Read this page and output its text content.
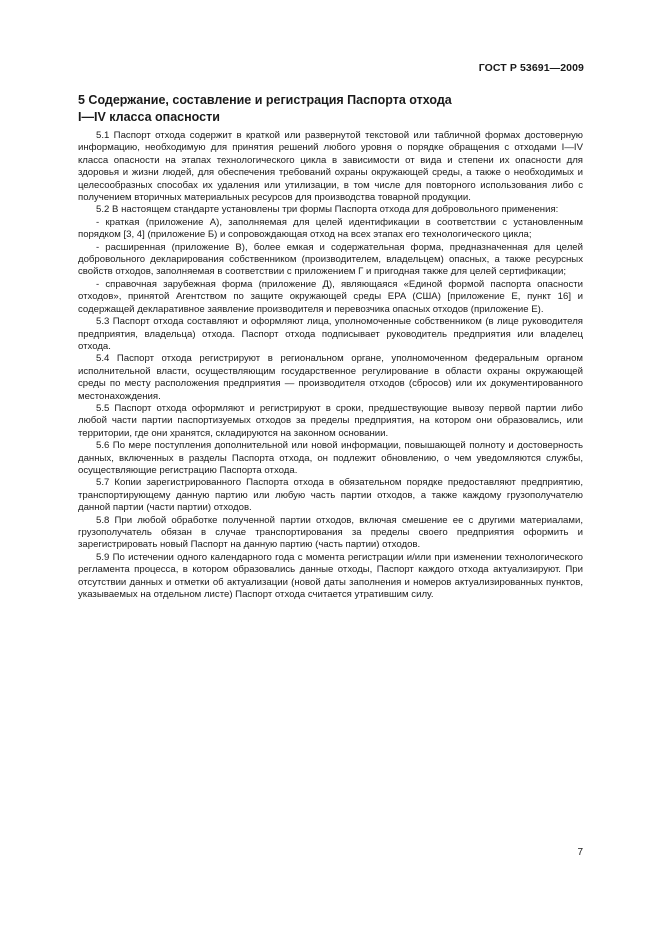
ГОСТ Р 53691—2009
5 Содержание, составление и регистрация Паспорта отхода
I—IV класса опасности

5.1 Паспорт отхода содержит в краткой или развернутой текстовой или табличной формах достоверную информацию, необходимую для принятия решений любого уровня о порядке обращения с отходами I—IV класса опасности на этапах технологического цикла в зависимости от вида и степени их опасности для здоровья и жизни людей, для обеспечения требований охраны окружающей среды, а также о необходимых и целесообразных способах их удаления или утилизации, в том числе для повторного использования либо с получением вторичных материальных ресурсов для производства товарной продукции.

5.2 В настоящем стандарте установлены три формы Паспорта отхода для добровольного применения:

- краткая (приложение А), заполняемая для целей идентификации в соответствии с установленным порядком [3, 4] (приложение Б) и сопровождающая отход на всех этапах его технологического цикла;

- расширенная (приложение В), более емкая и содержательная форма, предназначенная для целей добровольного декларирования собственником (производителем, владельцем) опасных, а также ресурсных свойств отходов, заполняемая в соответствии с приложением Г и пригодная также для целей сертификации;

- справочная зарубежная форма (приложение Д), являющаяся «Единой формой паспорта опасности отходов», принятой Агентством по защите окружающей среды EPA (США) [приложение Е, пункт 16] и содержащей декларативное заявление производителя и перевозчика опасных отходов (приложение Е).

5.3 Паспорт отхода составляют и оформляют лица, уполномоченные собственником (в лице руководителя предприятия, владельца) отхода. Паспорт отхода подписывает руководитель предприятия или владелец отхода.

5.4 Паспорт отхода регистрируют в региональном органе, уполномоченном федеральным органом исполнительной власти, осуществляющим государственное регулирование в области охраны окружающей среды по месту расположения предприятия — производителя отходов (сбросов) или их документированного местонахождения.

5.5 Паспорт отхода оформляют и регистрируют в сроки, предшествующие вывозу первой партии либо любой части партии паспортизуемых отходов за пределы предприятия, на котором они образовались, или территории, где они хранятся, складируются на законном основании.

5.6 По мере поступления дополнительной или новой информации, повышающей полноту и достоверность данных, включенных в разделы Паспорта отхода, он подлежит обновлению, о чем уведомляются службы, осуществляющие регистрацию Паспорта отхода.

5.7 Копии зарегистрированного Паспорта отхода в обязательном порядке предоставляют предприятию, транспортирующему данную партию или любую часть партии отходов, а также каждому грузополучателю данной партии (части партии) отходов.

5.8 При любой обработке полученной партии отходов, включая смешение ее с другими материалами, грузополучатель обязан в случае транспортирования за пределы своего предприятия оформить и зарегистрировать новый Паспорт на данную партию (часть партии) отходов.

5.9 По истечении одного календарного года с момента регистрации и/или при изменении технологического регламента процесса, в котором образовались данные отходы, Паспорт каждого отхода актуализируют. При отсутствии данных и отметки об актуализации (новой даты заполнения и номеров актуализированных пунктов, указываемых на отдельном листе) Паспорт отхода считается утратившим силу.

7
